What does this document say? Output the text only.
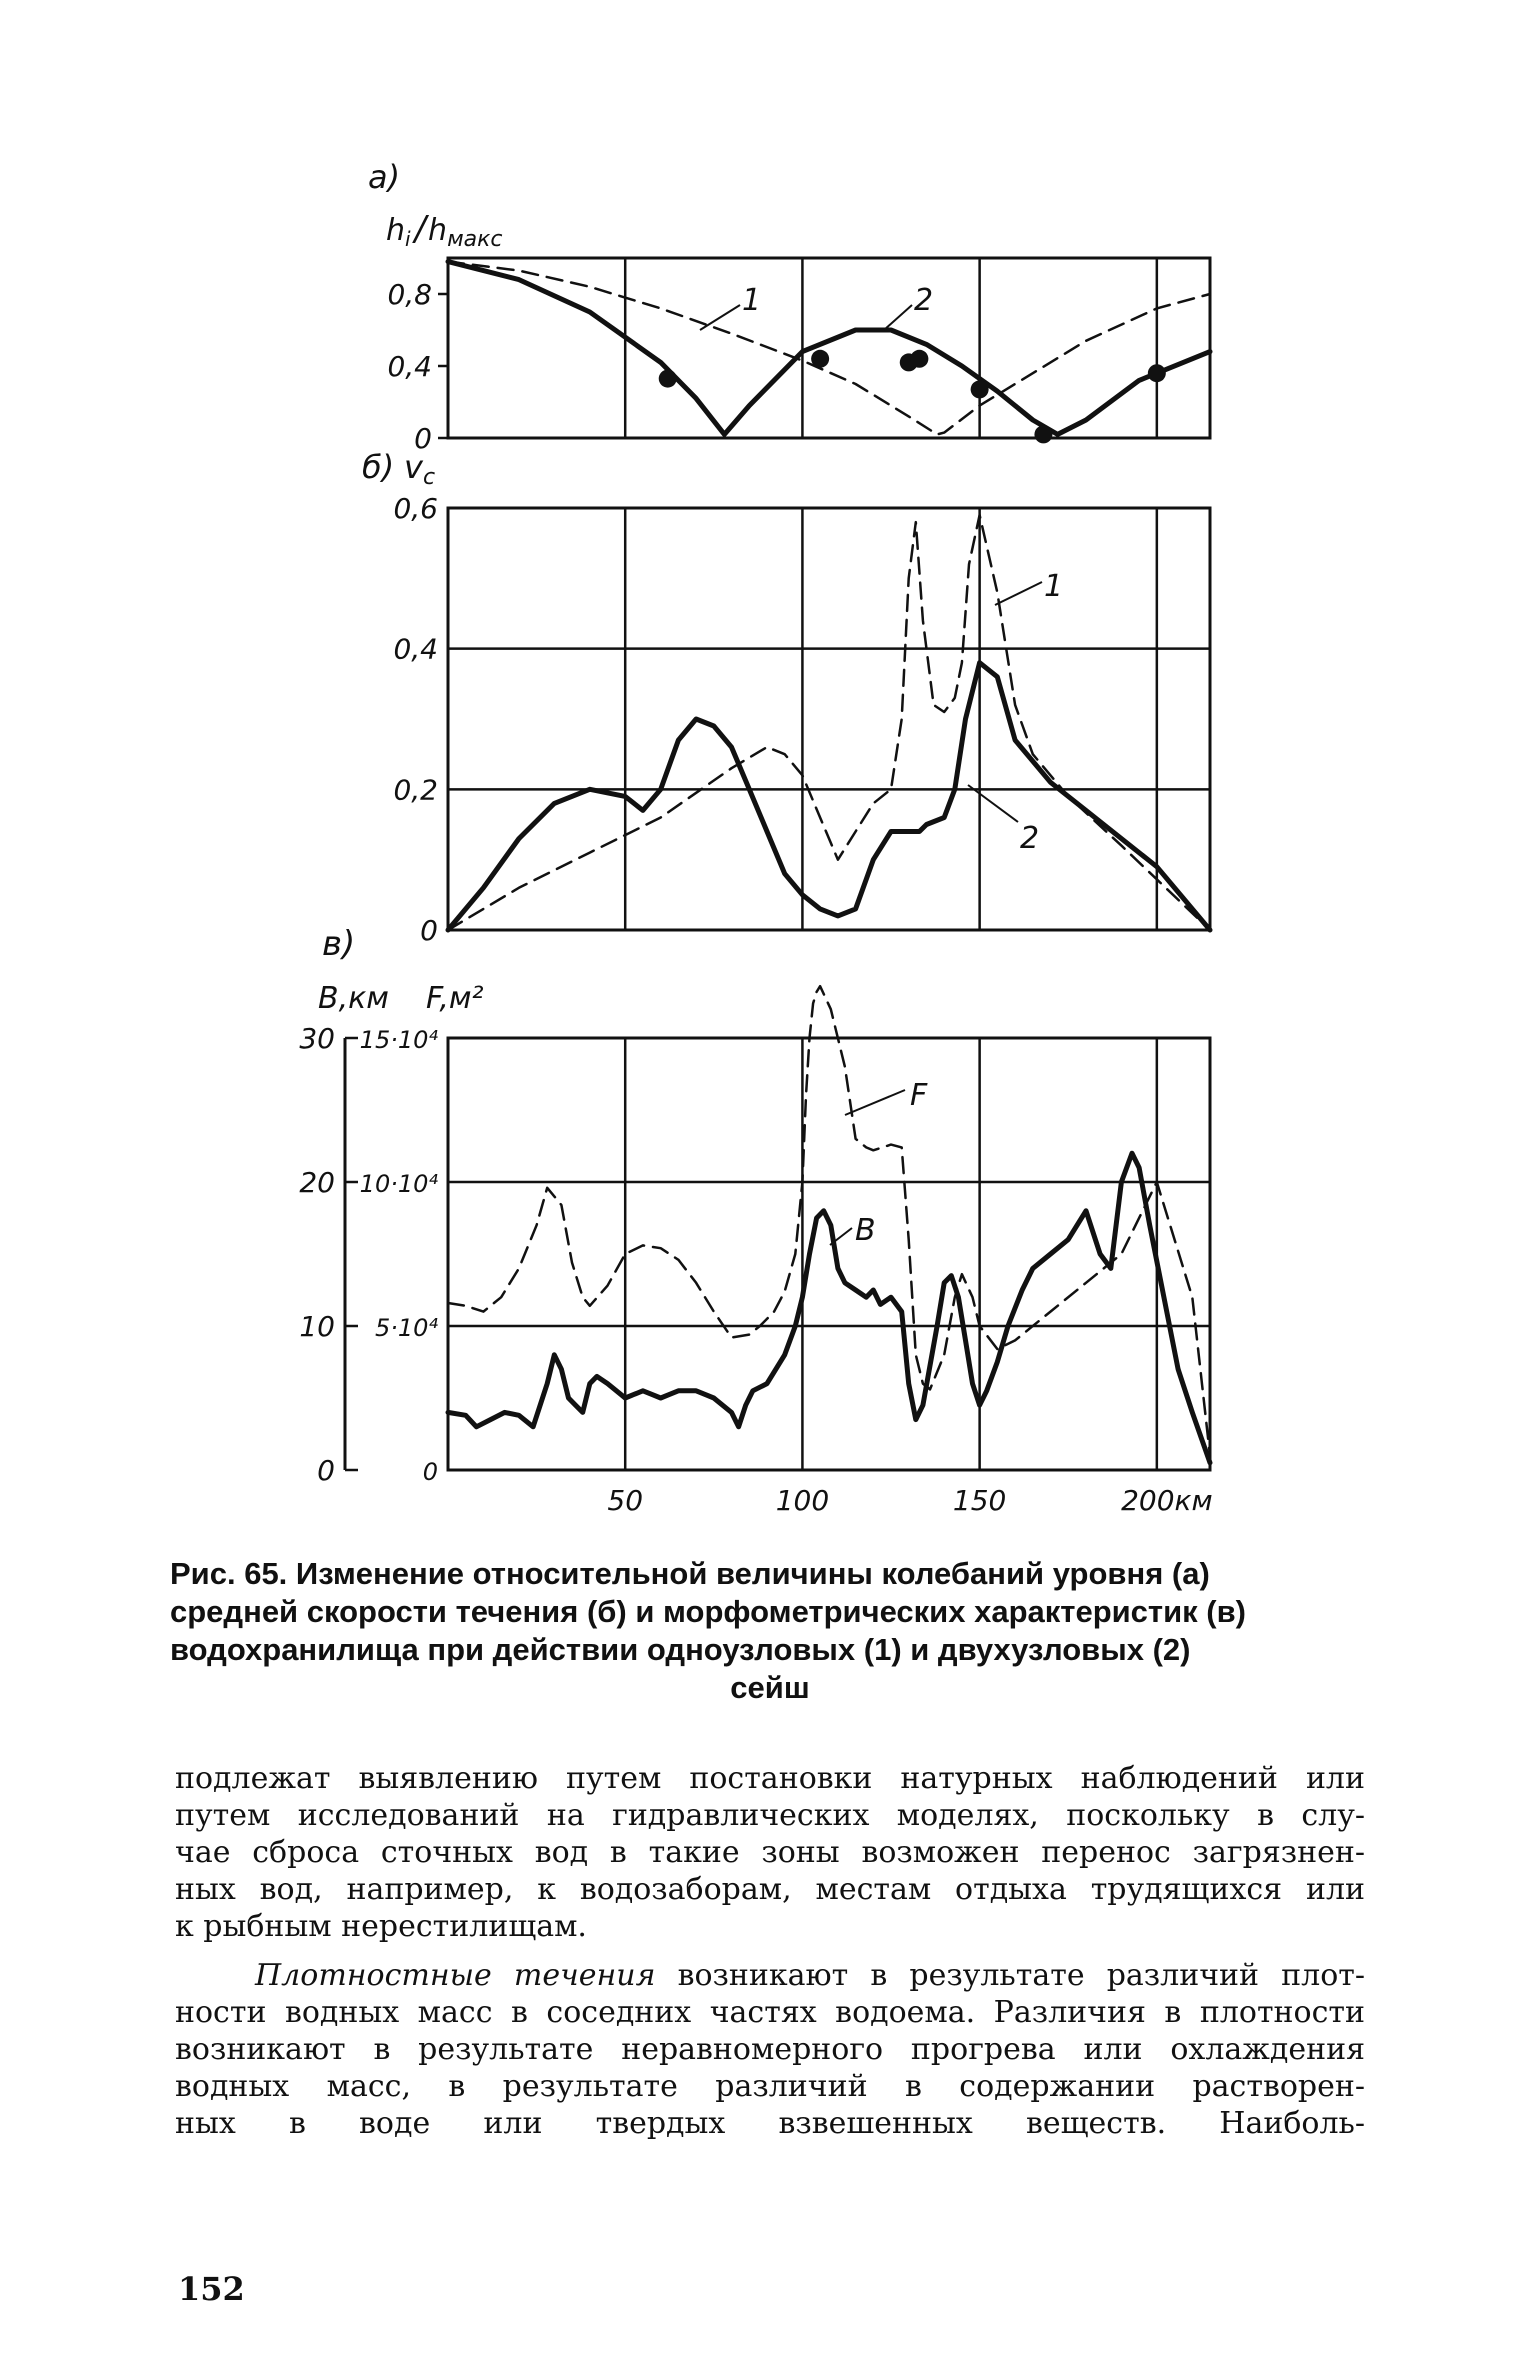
а)
$h_i$ $/h_{макс}$
0,8
0,4
0
1	2
б) vc
0,6
0,4
0,2
0
1
2
в)
B,км F,м²
30 15·10⁴
20 10·10⁴
10 5·10⁴
0	0
50	100	150	200км
F
B
Рис. 65. Изменение относительной величины колебаний уровня (а)
средней скорости течения (б) и морфометрических характеристик (в)
водохранилища при действии одноузловых (1) и двухузловых (2)
сейш

подлежат выявлению путем постановки натурных наблюдений или
путем исследований на гидравлических моделях, поскольку в слу-
чае сброса сточных вод в такие зоны возможен перенос загрязнен-
ных вод, например, к водозаборам, местам отдыха трудящихся или
к рыбным нерестилищам.

Плотностные течения возникают в результате различий плот-
ности водных масс в соседних частях водоема. Различия в плотности
возникают в результате неравномерного прогрева или охлаждения
водных масс, в результате различий в содержании растворен-
ных в воде или твердых взвешенных веществ. Наиболь-

152
